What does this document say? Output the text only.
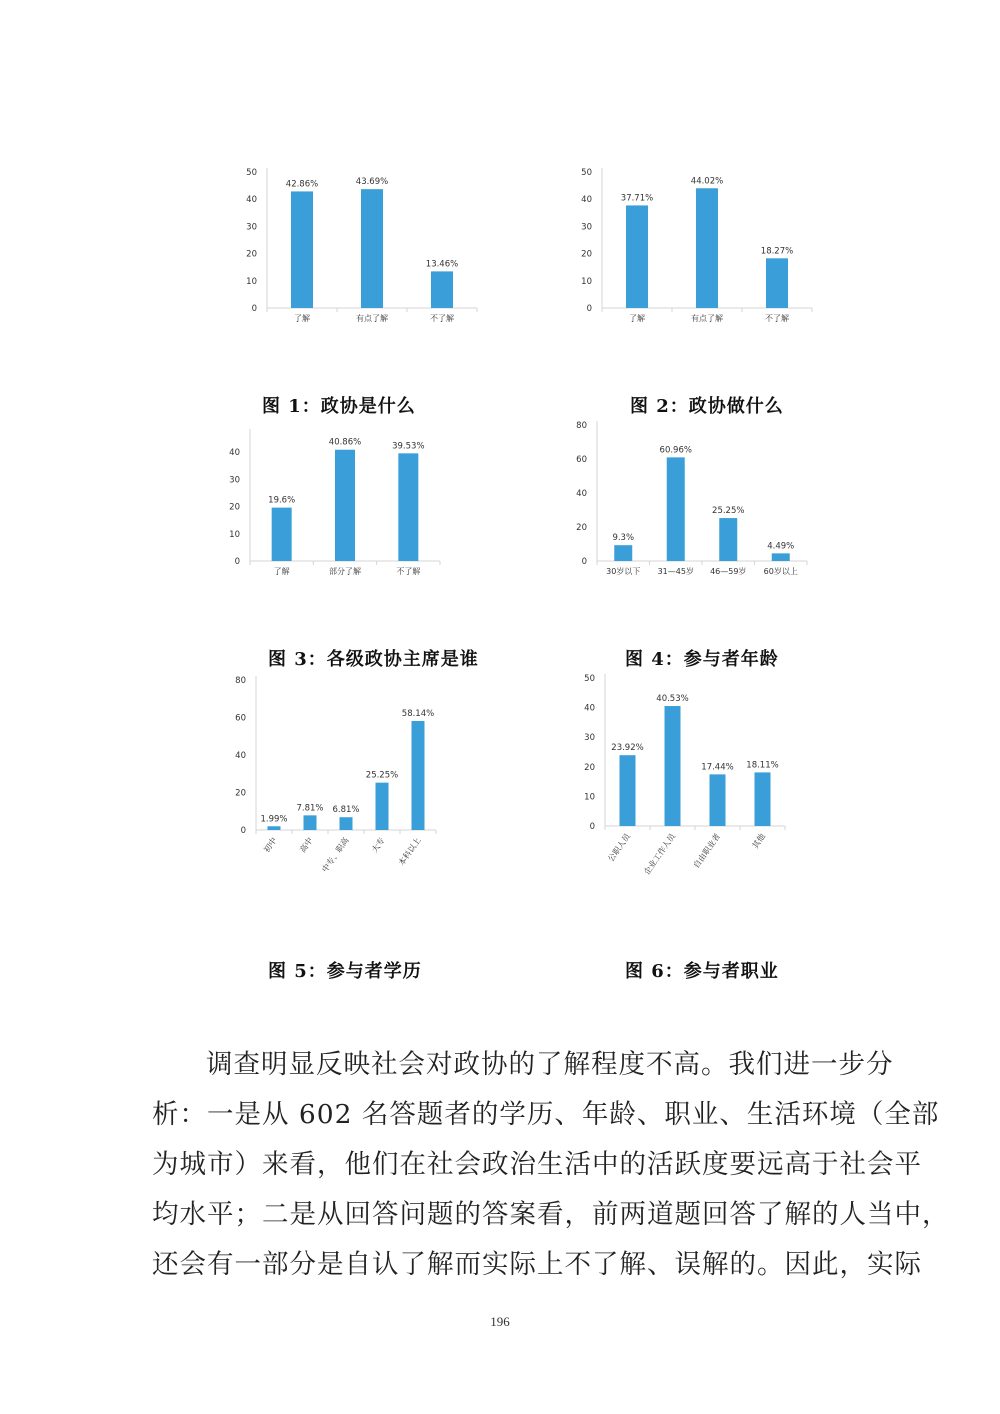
0
10
20
30
40
50
42.86%
了解
43.69%
有点了解
13.46%
不了解
图 1：政协是什么
0
10
20
30
40
50
37.71%
了解
44.02%
有点了解
18.27%
不了解
图 2：政协做什么
0
10
20
30
40
19.6%
了解
40.86%
部分了解
39.53%
不了解
图 3：各级政协主席是谁
0
20
40
60
80
9.3%
30岁以下
60.96%
31—45岁
25.25%
46—59岁
4.49%
60岁以上
图 4：参与者年龄
0
20
40
60
80
1.99%
初中
7.81%
高中
6.81%
中专、职高
25.25%
大专
58.14%
本科以上
图 5：参与者学历
0
10
20
30
40
50
23.92%
公职人员
40.53%
企业工作人员
17.44%
自由职业者
18.11%
其他
图 6：参与者职业
调查明显反映社会对政协的了解程度不高。我们进一步分
析：一是从 602 名答题者的学历、年龄、职业、生活环境（全部
为城市）来看，他们在社会政治生活中的活跃度要远高于社会平
均水平；二是从回答问题的答案看，前两道题回答了解的人当中，
还会有一部分是自认了解而实际上不了解、误解的。因此，实际
196
